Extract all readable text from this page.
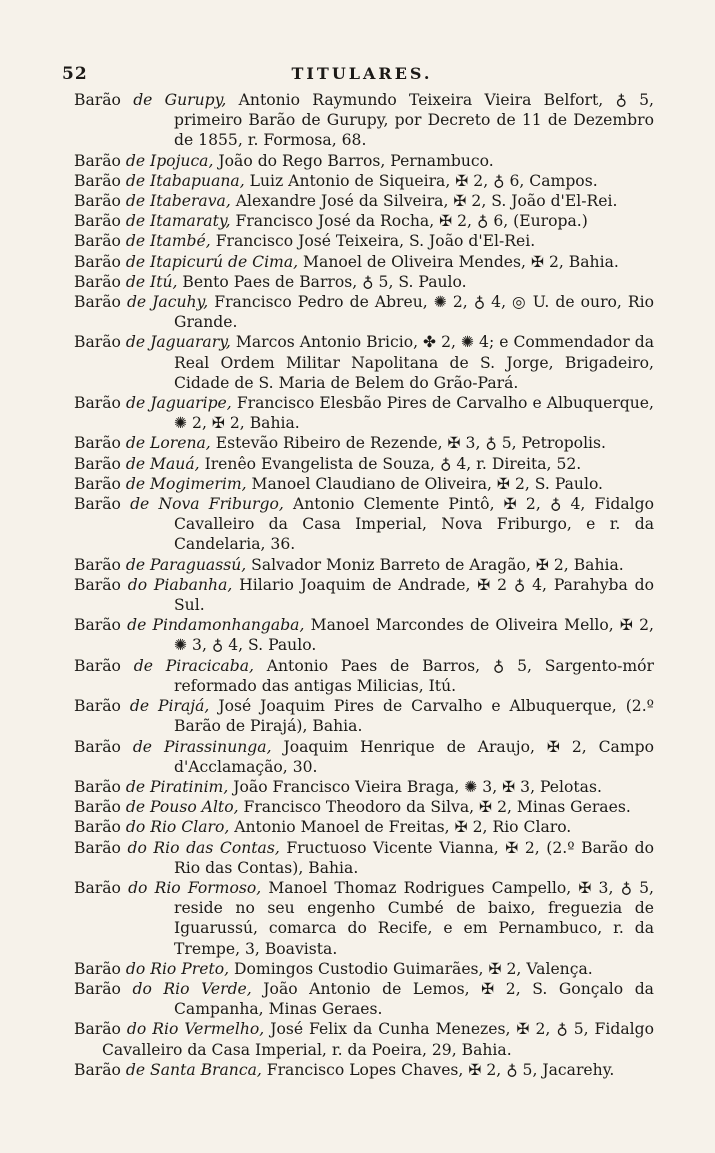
52	TITULARES.
Barão de Gurupy, Antonio Raymundo Teixeira Vieira Belfort, ♁ 5, primeiro Barão de Gurupy, por Decreto de 11 de Dezembro de 1855, r. Formosa, 68.
Barão de Ipojuca, João do Rego Barros, Pernambuco.
Barão de Itabapuana, Luiz Antonio de Siqueira, ✠ 2, ♁ 6, Campos.
Barão de Itaberava, Alexandre José da Silveira, ✠ 2, S. João d'El-Rei.
Barão de Itamaraty, Francisco José da Rocha, ✠ 2, ♁ 6, (Europa.)
Barão de Itambé, Francisco José Teixeira, S. João d'El-Rei.
Barão de Itapicurú de Cima, Manoel de Oliveira Mendes, ✠ 2, Bahia.
Barão de Itú, Bento Paes de Barros, ♁ 5, S. Paulo.
Barão de Jacuhy, Francisco Pedro de Abreu, ✺ 2, ♁ 4, ◎ U. de ouro, Rio Grande.
Barão de Jaguarary, Marcos Antonio Bricio, ✤ 2, ✺ 4; e Commendador da Real Ordem Militar Napolitana de S. Jorge, Brigadeiro, Cidade de S. Maria de Belem do Grão-Pará.
Barão de Jaguaripe, Francisco Elesbão Pires de Carvalho e Albuquerque, ✺ 2, ✠ 2, Bahia.
Barão de Lorena, Estevão Ribeiro de Rezende, ✠ 3, ♁ 5, Petropolis.
Barão de Mauá, Irenêo Evangelista de Souza, ♁ 4, r. Direita, 52.
Barão de Mogimerim, Manoel Claudiano de Oliveira, ✠ 2, S. Paulo.
Barão de Nova Friburgo, Antonio Clemente Pintô, ✠ 2, ♁ 4, Fidalgo Cavalleiro da Casa Imperial, Nova Friburgo, e r. da Candelaria, 36.
Barão de Paraguassú, Salvador Moniz Barreto de Aragão, ✠ 2, Bahia.
Barão do Piabanha, Hilario Joaquim de Andrade, ✠ 2 ♁ 4, Parahyba do Sul.
Barão de Pindamonhangaba, Manoel Marcondes de Oliveira Mello, ✠ 2, ✺ 3, ♁ 4, S. Paulo.
Barão de Piracicaba, Antonio Paes de Barros, ♁ 5, Sargento-mór reformado das antigas Milicias, Itú.
Barão de Pirajá, José Joaquim Pires de Carvalho e Albuquerque, (2.º Barão de Pirajá), Bahia.
Barão de Pirassinunga, Joaquim Henrique de Araujo, ✠ 2, Campo d'Acclamação, 30.
Barão de Piratinim, João Francisco Vieira Braga, ✺ 3, ✠ 3, Pelotas.
Barão de Pouso Alto, Francisco Theodoro da Silva, ✠ 2, Minas Geraes.
Barão do Rio Claro, Antonio Manoel de Freitas, ✠ 2, Rio Claro.
Barão do Rio das Contas, Fructuoso Vicente Vianna, ✠ 2, (2.º Barão do Rio das Contas), Bahia.
Barão do Rio Formoso, Manoel Thomaz Rodrigues Campello, ✠ 3, ♁ 5, reside no seu engenho Cumbé de baixo, freguezia de Iguarussú, comarca do Recife, e em Pernambuco, r. da Trempe, 3, Boavista.
Barão do Rio Preto, Domingos Custodio Guimarães, ✠ 2, Valença.
Barão do Rio Verde, João Antonio de Lemos, ✠ 2, S. Gonçalo da Campanha, Minas Geraes.
Barão do Rio Vermelho, José Felix da Cunha Menezes, ✠ 2, ♁ 5, Fidalgo Cavalleiro da Casa Imperial, r. da Poeira, 29, Bahia.
Barão de Santa Branca, Francisco Lopes Chaves, ✠ 2, ♁ 5, Jacarehy.
